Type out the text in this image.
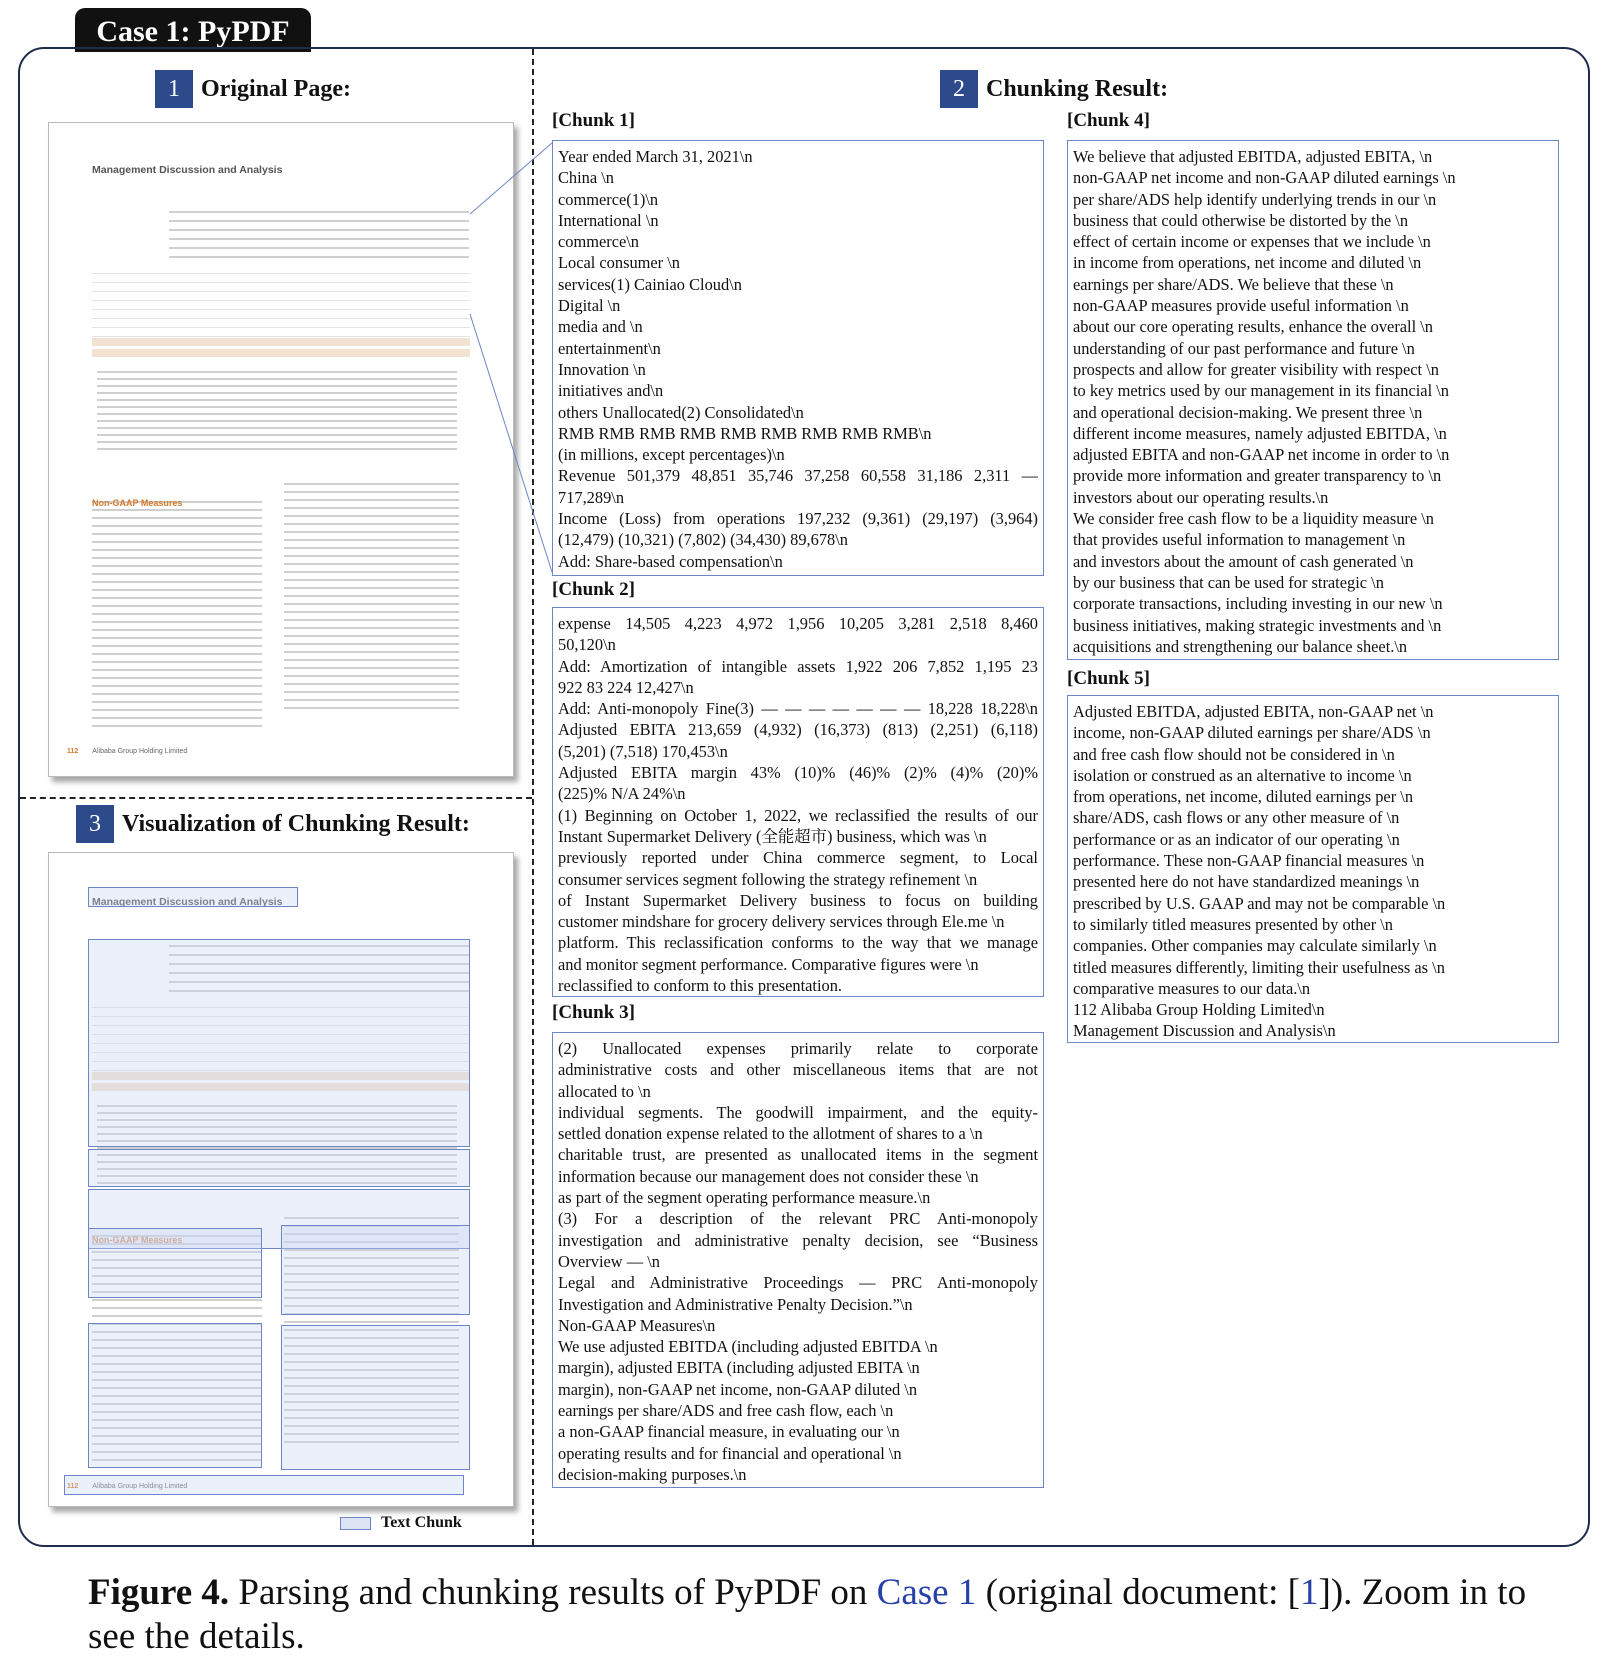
Case 1: PyPDF
1 Original Page:
Management Discussion and Analysis
Non-GAAP Measures
112 Alibaba Group Holding Limited
3 Visualization of Chunking Result:
Management Discussion and Analysis
Non-GAAP Measures
112 Alibaba Group Holding Limited
Text Chunk
2 Chunking Result:
[Chunk 1]
Year ended March 31, 2021\n
China \n
commerce(1)\n
International \n
commerce\n
Local consumer \n
services(1) Cainiao Cloud\n
Digital \n
media and \n
entertainment\n
Innovation \n
initiatives and\n
others Unallocated(2) Consolidated\n
RMB RMB RMB RMB RMB RMB RMB RMB RMB\n
(in millions, except percentages)\n
Revenue 501,379 48,851 35,746 37,258 60,558 31,186 2,311 —
717,289\n
Income (Loss) from operations 197,232 (9,361) (29,197) (3,964)
(12,479) (10,321) (7,802) (34,430) 89,678\n
Add: Share-based compensation\n
[Chunk 2]
expense 14,505 4,223 4,972 1,956 10,205 3,281 2,518 8,460
50,120\n
Add: Amortization of intangible assets 1,922 206 7,852 1,195 23
922 83 224 12,427\n
Add: Anti-monopoly Fine(3) — — — — — — — 18,228 18,228\n
Adjusted EBITA 213,659 (4,932) (16,373) (813) (2,251) (6,118)
(5,201) (7,518) 170,453\n
Adjusted EBITA margin 43% (10)% (46)% (2)% (4)% (20)%
(225)% N/A 24%\n
(1) Beginning on October 1, 2022, we reclassified the results of our
Instant Supermarket Delivery (全能超市) business, which was \n
previously reported under China commerce segment, to Local
consumer services segment following the strategy refinement \n
of Instant Supermarket Delivery business to focus on building
customer mindshare for grocery delivery services through Ele.me \n
platform. This reclassification conforms to the way that we manage
and monitor segment performance. Comparative figures were \n
reclassified to conform to this presentation.
[Chunk 3]
(2) Unallocated expenses primarily relate to corporate
administrative costs and other miscellaneous items that are not
allocated to \n
individual segments. The goodwill impairment, and the equity-
settled donation expense related to the allotment of shares to a \n
charitable trust, are presented as unallocated items in the segment
information because our management does not consider these \n
as part of the segment operating performance measure.\n
(3) For a description of the relevant PRC Anti-monopoly
investigation and administrative penalty decision, see “Business
Overview — \n
Legal and Administrative Proceedings — PRC Anti-monopoly
Investigation and Administrative Penalty Decision.”\n
Non-GAAP Measures\n
We use adjusted EBITDA (including adjusted EBITDA \n
margin), adjusted EBITA (including adjusted EBITA \n
margin), non-GAAP net income, non-GAAP diluted \n
earnings per share/ADS and free cash flow, each \n
a non-GAAP financial measure, in evaluating our \n
operating results and for financial and operational \n
decision-making purposes.\n
[Chunk 4]
We believe that adjusted EBITDA, adjusted EBITA, \n
non-GAAP net income and non-GAAP diluted earnings \n
per share/ADS help identify underlying trends in our \n
business that could otherwise be distorted by the \n
effect of certain income or expenses that we include \n
in income from operations, net income and diluted \n
earnings per share/ADS. We believe that these \n
non-GAAP measures provide useful information \n
about our core operating results, enhance the overall \n
understanding of our past performance and future \n
prospects and allow for greater visibility with respect \n
to key metrics used by our management in its financial \n
and operational decision-making. We present three \n
different income measures, namely adjusted EBITDA, \n
adjusted EBITA and non-GAAP net income in order to \n
provide more information and greater transparency to \n
investors about our operating results.\n
We consider free cash flow to be a liquidity measure \n
that provides useful information to management \n
and investors about the amount of cash generated \n
by our business that can be used for strategic \n
corporate transactions, including investing in our new \n
business initiatives, making strategic investments and \n
acquisitions and strengthening our balance sheet.\n
[Chunk 5]
Adjusted EBITDA, adjusted EBITA, non-GAAP net \n
income, non-GAAP diluted earnings per share/ADS \n
and free cash flow should not be considered in \n
isolation or construed as an alternative to income \n
from operations, net income, diluted earnings per \n
share/ADS, cash flows or any other measure of \n
performance or as an indicator of our operating \n
performance. These non-GAAP financial measures \n
presented here do not have standardized meanings \n
prescribed by U.S. GAAP and may not be comparable \n
to similarly titled measures presented by other \n
companies. Other companies may calculate similarly \n
titled measures differently, limiting their usefulness as \n
comparative measures to our data.\n
112 Alibaba Group Holding Limited\n
Management Discussion and Analysis\n
Figure 4. Parsing and chunking results of PyPDF on Case 1 (original document: [1]). Zoom in to see the details.
